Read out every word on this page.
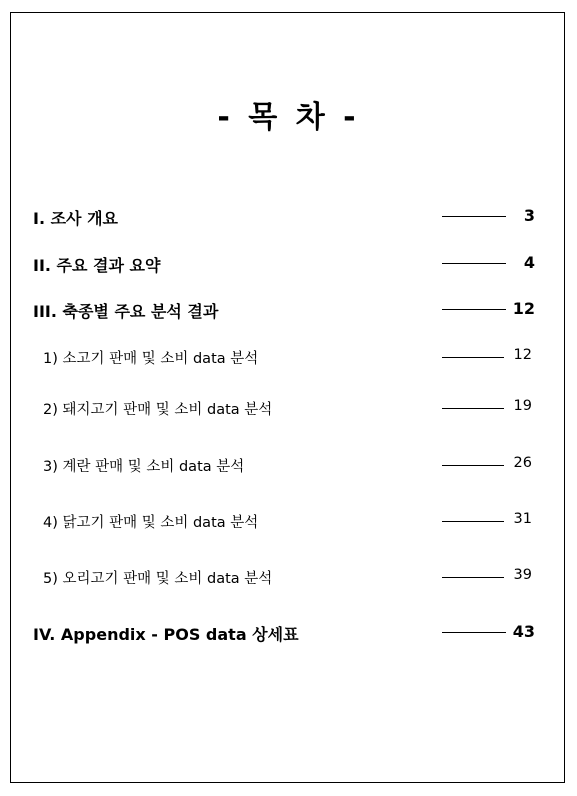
- 목 차 -
I. 조사 개요	3
II. 주요 결과 요약	4
III. 축종별 주요 분석 결과	12
1) 소고기 판매 및 소비 data 분석	12
2) 돼지고기 판매 및 소비 data 분석	19
3) 계란 판매 및 소비 data 분석	26
4) 닭고기 판매 및 소비 data 분석	31
5) 오리고기 판매 및 소비 data 분석	39
IV. Appendix - POS data 상세표	43
